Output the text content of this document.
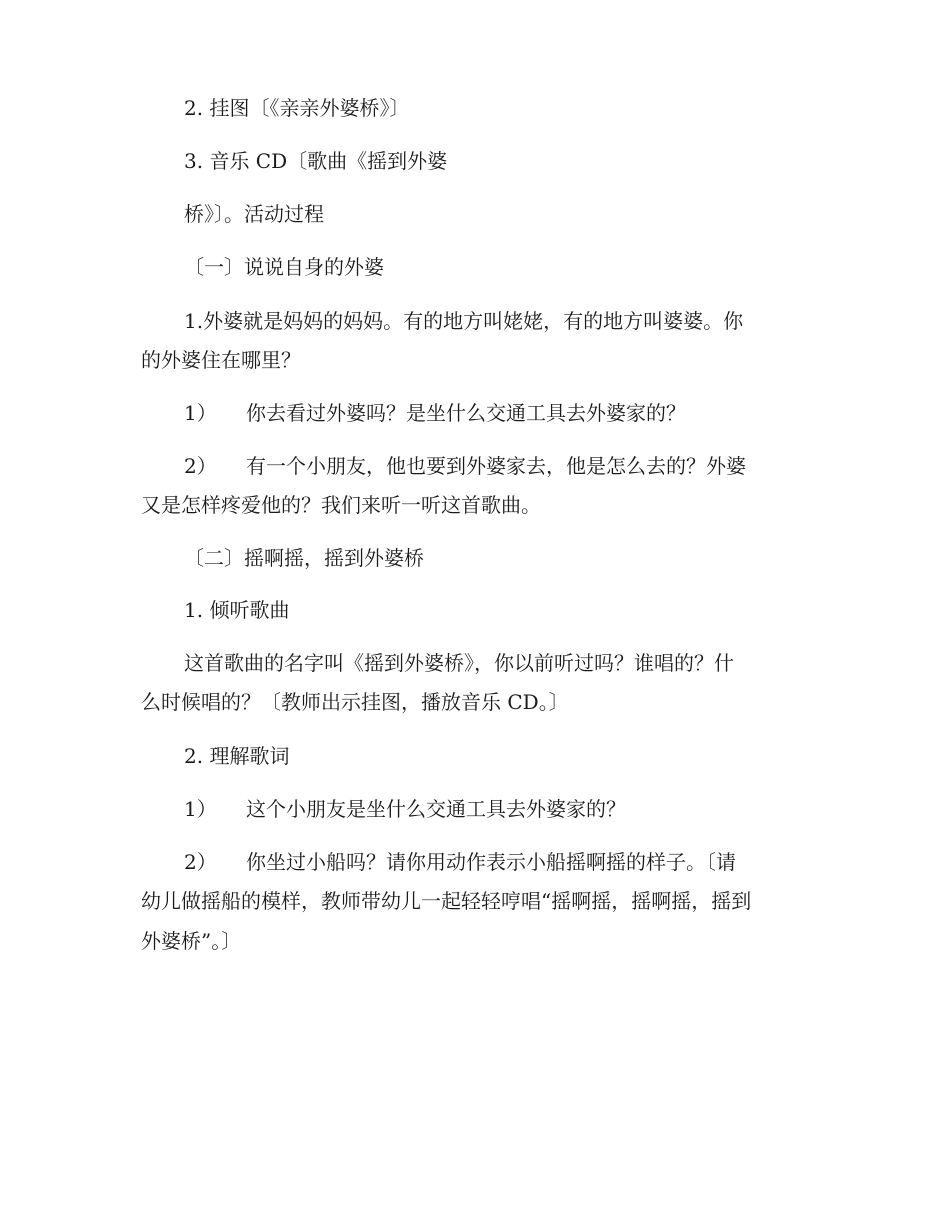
2. 挂图〔《亲亲外婆桥》〕

3. 音乐 CD〔歌曲《摇到外婆

桥》〕。活动过程

〔一〕说说自身的外婆

1.外婆就是妈妈的妈妈。有的地方叫姥姥，有的地方叫婆婆。你

的外婆住在哪里？

1） 你去看过外婆吗？是坐什么交通工具去外婆家的？

2） 有一个小朋友，他也要到外婆家去，他是怎么去的？外婆

又是怎样疼爱他的？我们来听一听这首歌曲。

〔二〕摇啊摇，摇到外婆桥

1. 倾听歌曲

这首歌曲的名字叫《摇到外婆桥》，你以前听过吗？谁唱的？什

么时候唱的？〔教师出示挂图，播放音乐 CD。〕

2. 理解歌词

1） 这个小朋友是坐什么交通工具去外婆家的？

2） 你坐过小船吗？请你用动作表示小船摇啊摇的样子。〔请

幼儿做摇船的模样，教师带幼儿一起轻轻哼唱“摇啊摇，摇啊摇，摇到

外婆桥”。〕
